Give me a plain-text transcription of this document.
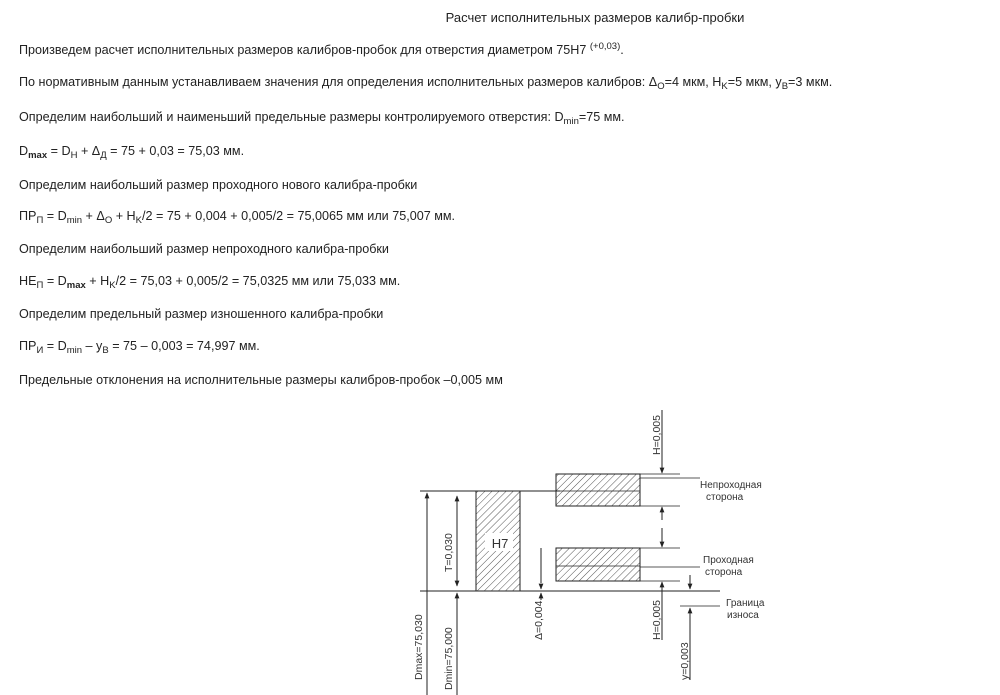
Расчет исполнительных размеров калибр-пробки
Произведем расчет исполнительных размеров калибров-пробок для отверстия диаметром 75H7 $^{(+0,03)}$.
По нормативным данным устанавливаем значения для определения исполнительных размеров калибров: $\Delta_О=4$ мкм, $H_K=5$ мкм, $y_B=3$ мкм.
Определим наибольший и наименьший предельные размеры контролируемого отверстия: $D_{min}=75$ мм.
$D_{max} = D_Н + \Delta_Д = 75 + 0,03 = 75,03$ мм.
Определим наибольший размер проходного нового калибра-пробки
$ПР_П = D_{min} + \Delta_О + H_K/2 = 75 + 0,004 + 0,005/2 = 75,0065$ мм или 75,007 мм.
Определим наибольший размер непроходного калибра-пробки
$НЕ_П = D_{max} + H_K/2 = 75,03 + 0,005/2 = 75,0325$ мм или 75,033 мм.
Определим предельный размер изношенного калибра-пробки
$ПР_И = D_{min} - y_B = 75 - 0,003 = 74,997$ мм.
Предельные отклонения на исполнительные размеры калибров-пробок –0,005 мм
H7
Dmax=75,030 Dmin=75,000
T=0,030
Δ=0,004
H=0,005
H=0,005
y=0,003
Непроходная
сторона
Проходная
сторона
Граница
износа
